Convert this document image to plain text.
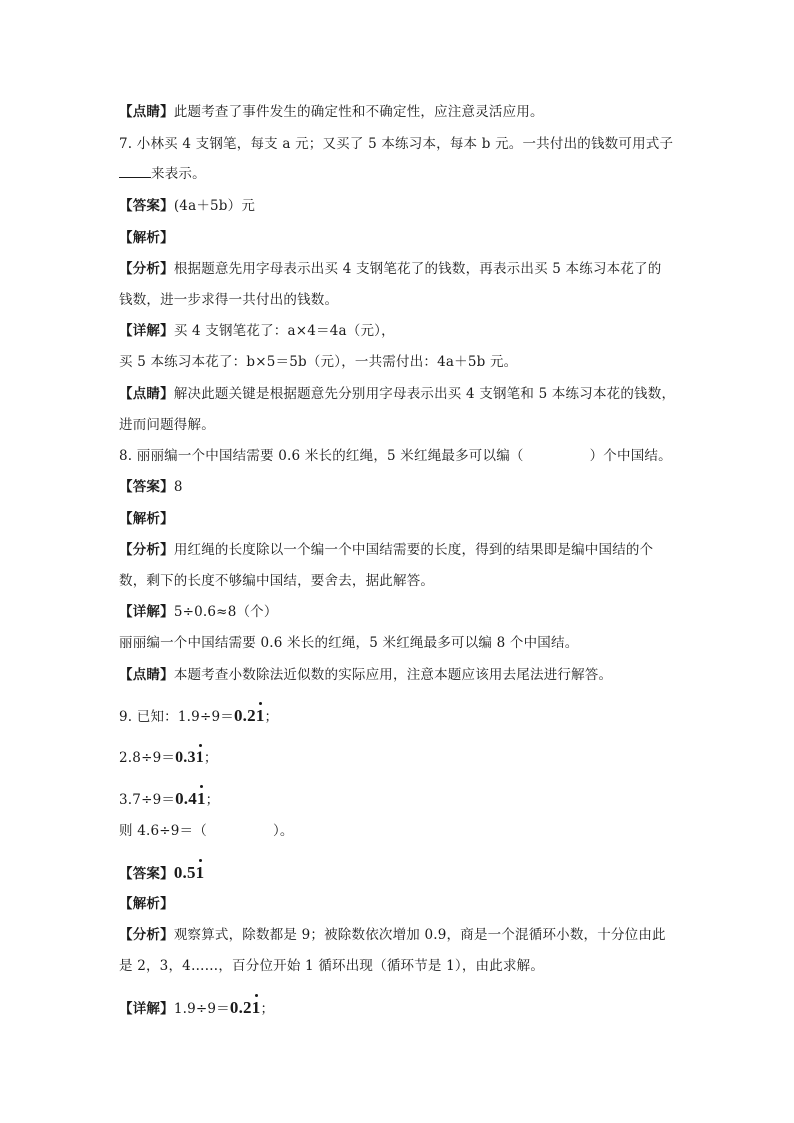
【点睛】此题考查了事件发生的确定性和不确定性，应注意灵活应用。
7. 小林买 4 支钢笔，每支 a 元；又买了 5 本练习本，每本 b 元。一共付出的钱数可用式子
来表示。
【答案】(4a＋5b）元
【解析】
【分析】根据题意先用字母表示出买 4 支钢笔花了的钱数，再表示出买 5 本练习本花了的
钱数，进一步求得一共付出的钱数。
【详解】买 4 支钢笔花了：a×4＝4a（元），
买 5 本练习本花了：b×5＝5b（元），一共需付出：4a＋5b 元。
【点睛】解决此题关键是根据题意先分别用字母表示出买 4 支钢笔和 5 本练习本花的钱数，
进而问题得解。
8. 丽丽编一个中国结需要 0.6 米长的红绳，5 米红绳最多可以编（	）个中国结。
【答案】8
【解析】
【分析】用红绳的长度除以一个编一个中国结需要的长度，得到的结果即是编中国结的个
数，剩下的长度不够编中国结，要舍去，据此解答。
【详解】5÷0.6≈8（个）
丽丽编一个中国结需要 0.6 米长的红绳，5 米红绳最多可以编 8 个中国结。
【点睛】本题考查小数除法近似数的实际应用，注意本题应该用去尾法进行解答。
9. 已知：1.9÷9＝0.21；
2.8÷9＝0.31；
3.7÷9＝0.41；
则 4.6÷9＝（	）。
【答案】0.51
【解析】
【分析】观察算式，除数都是 9；被除数依次增加 0.9，商是一个混循环小数，十分位由此
是 2，3，4……，百分位开始 1 循环出现（循环节是 1），由此求解。
【详解】1.9÷9＝0.21；
